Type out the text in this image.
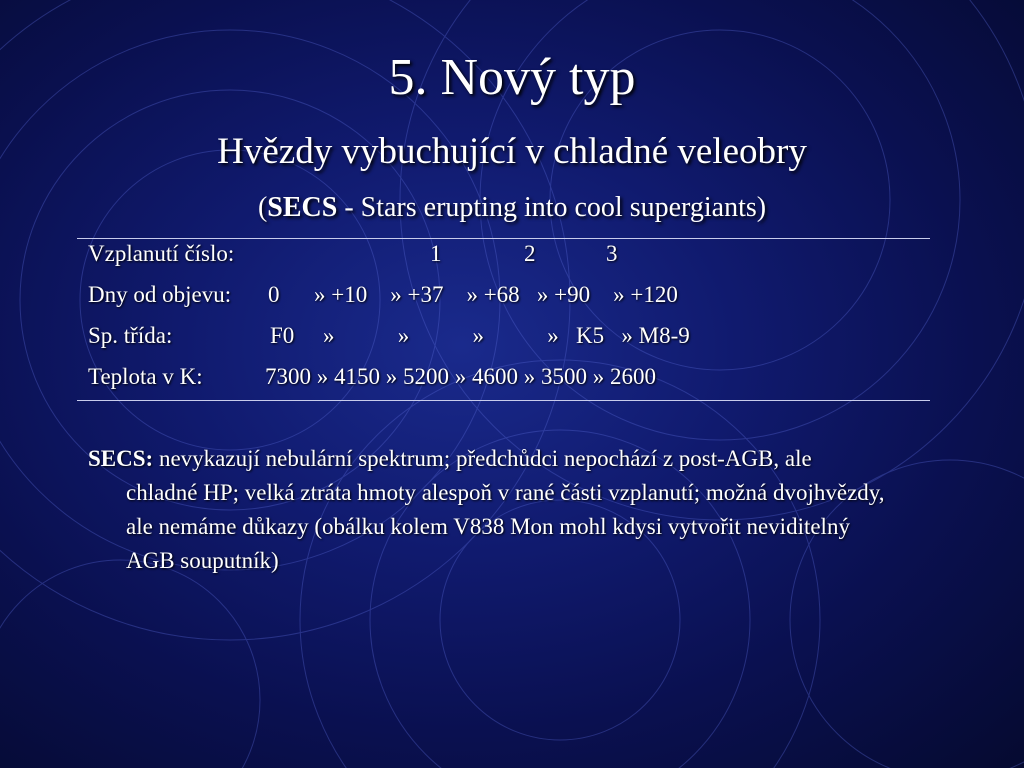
5. Nový typ
Hvězdy vybuchující v chladné veleobry
(SECS - Stars erupting into cool supergiants)
Vzplanutí číslo:	1	2	3
Dny od objevu: 0      » +10    » +37    » +68   » +90    » +120
Sp. třída:	F0     »           »           »           »   K5   » M8-9
Teplota v K:	7300 » 4150 » 5200 » 4600 » 3500 » 2600
SECS: nevykazují nebulární spektrum; předchůdci nepochází z post-AGB, ale chladné HP; velká ztráta hmoty alespoň v rané části vzplanutí; možná dvojhvězdy, ale nemáme důkazy (obálku kolem V838 Mon mohl kdysi vytvořit neviditelný AGB souputník)
